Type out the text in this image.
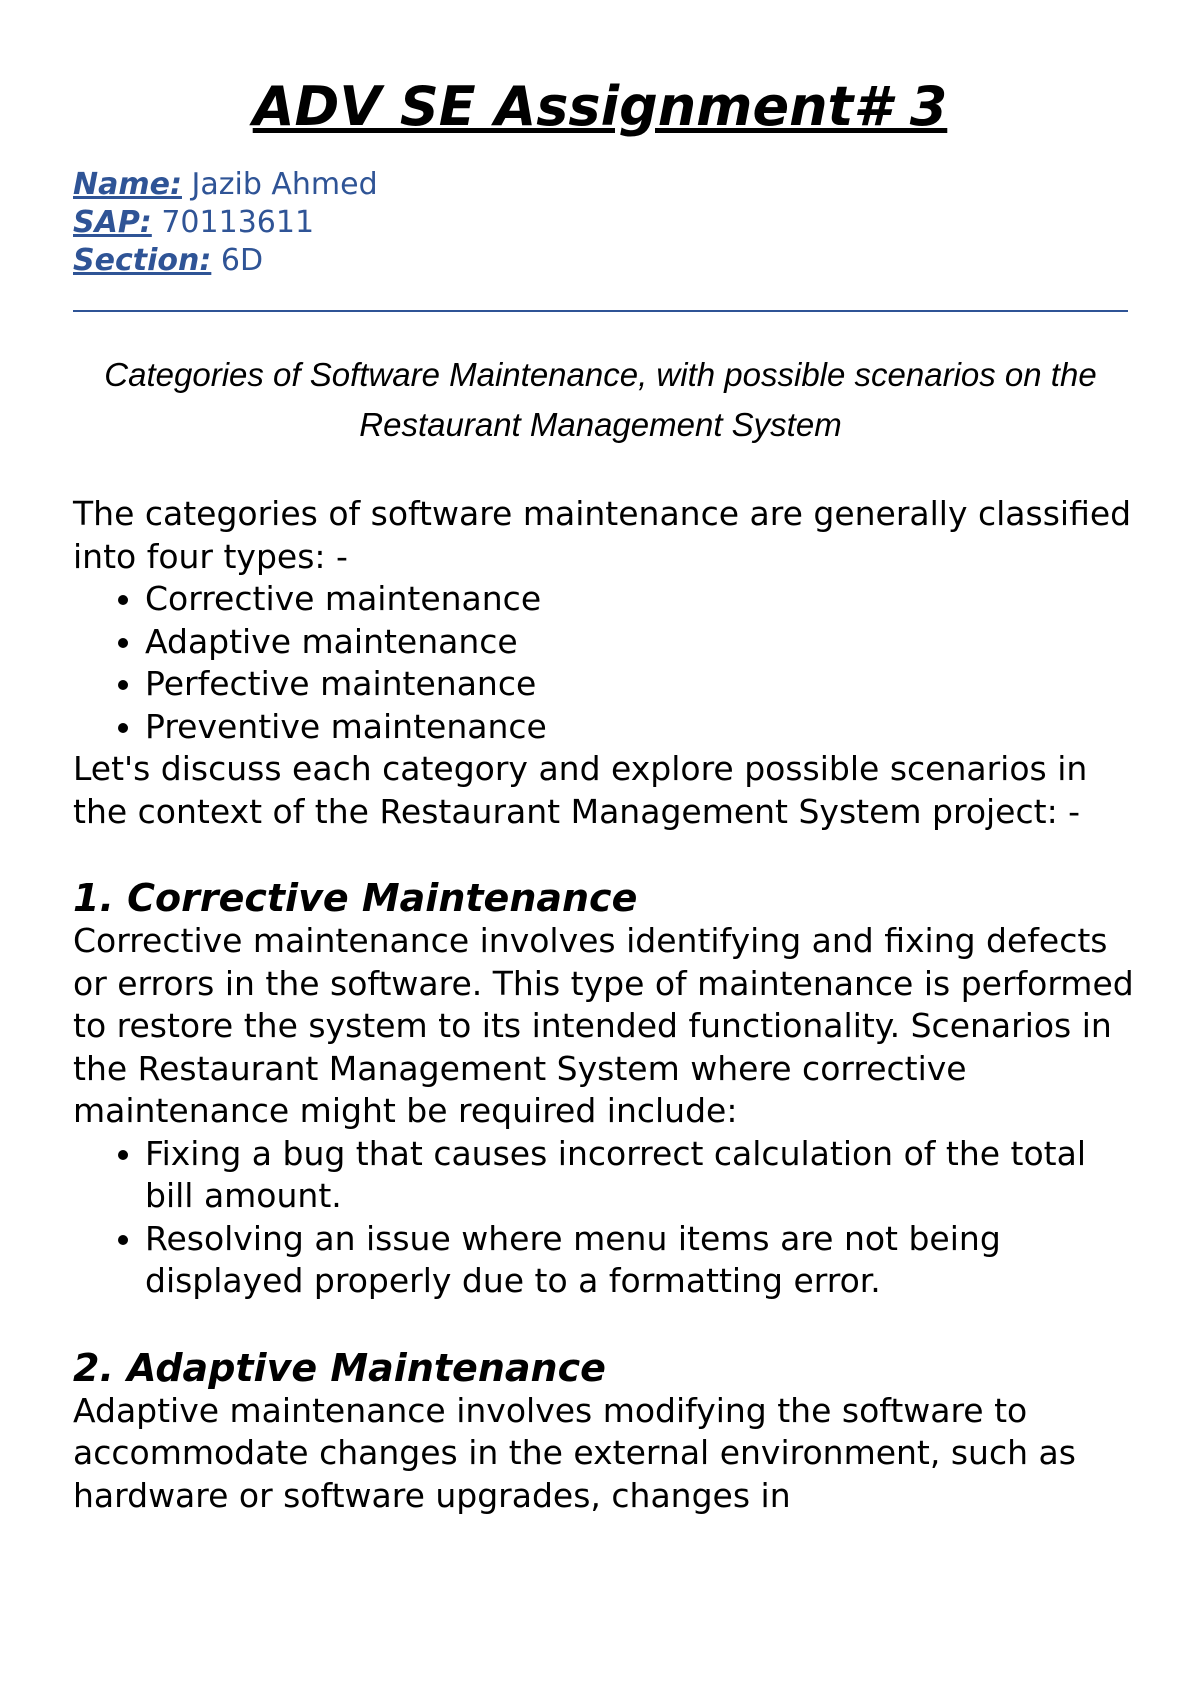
ADV SE Assignment# 3
Name: Jazib Ahmed
SAP: 70113611
Section: 6D
Categories of Software Maintenance, with possible scenarios on the Restaurant Management System

The categories of software maintenance are generally classified into four types: -

• Corrective maintenance
• Adaptive maintenance
• Perfective maintenance
• Preventive maintenance

Let's discuss each category and explore possible scenarios in the context of the Restaurant Management System project: -

1. Corrective Maintenance

Corrective maintenance involves identifying and fixing defects or errors in the software. This type of maintenance is performed to restore the system to its intended functionality. Scenarios in the Restaurant Management System where corrective maintenance might be required include:

• Fixing a bug that causes incorrect calculation of the total bill amount.
• Resolving an issue where menu items are not being displayed properly due to a formatting error.
2. Adaptive Maintenance

Adaptive maintenance involves modifying the software to accommodate changes in the external environment, such as hardware or software upgrades, changes in
